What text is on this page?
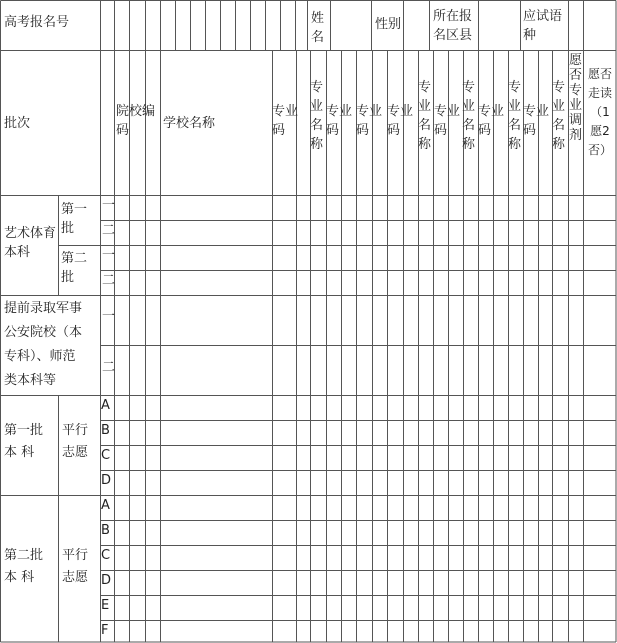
高考报名号	姓
名
性别
所在报
名区县
应试语
种
批次
院校编
码	学校名称
专业
码
专
业
名
称
专业
码
专业
码
专业
码
专
业
名
称
专业
码
专
业
名
称
专业
码
专
业
名
称
专业
码
专
业
名
称
愿否专业调剂
愿否
走读
（1
愿2
否）
艺术体育
本科
第一
批
第二
批
一
二
一
二
提前录取军事
公安院校（本
专科）、师范
类本科等
一
二
第一批
本 科
平行
志愿
A
B
C
D
第二批
本 科
平行
志愿
A
B
C
D
E
F
